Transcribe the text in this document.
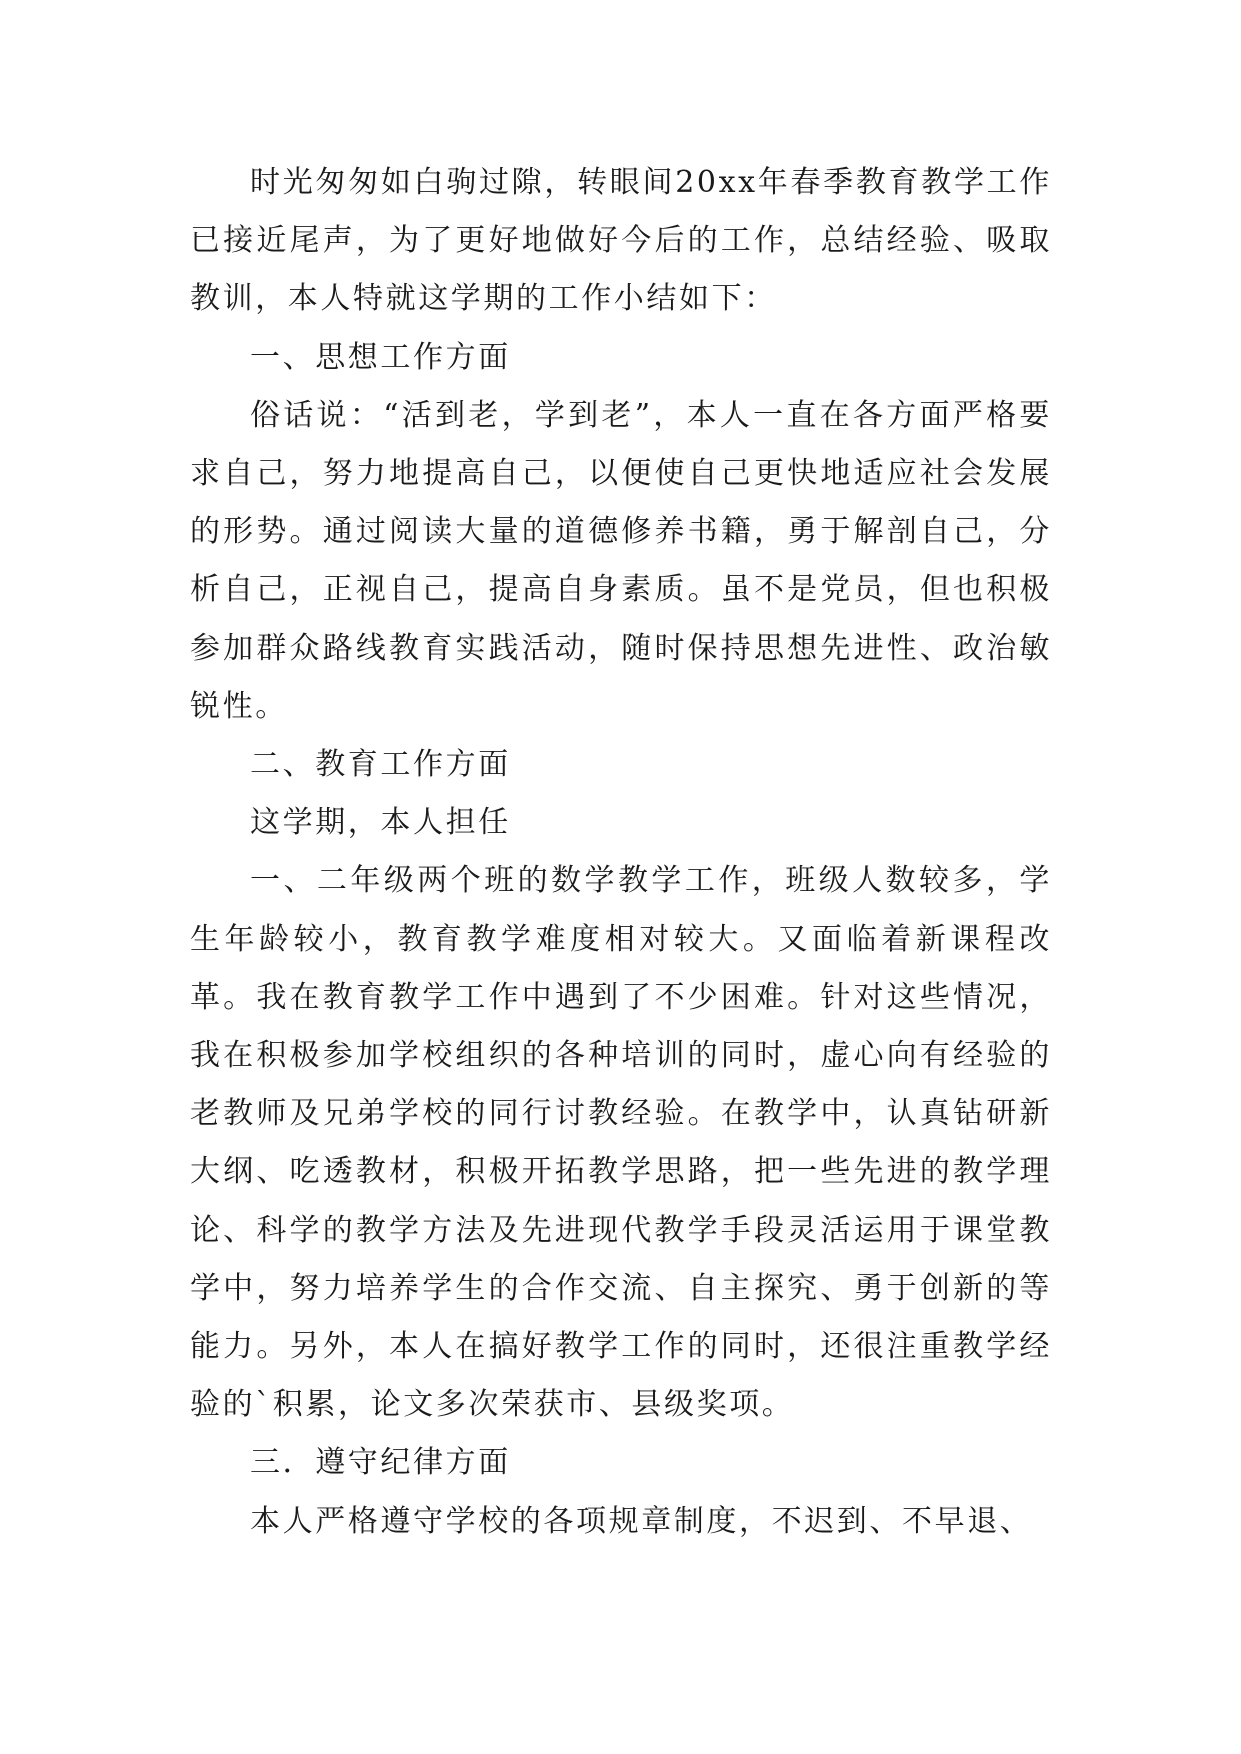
时光匆匆如白驹过隙，转眼间20xx年春季教育教学工作已接近尾声，为了更好地做好今后的工作，总结经验、吸取教训，本人特就这学期的工作小结如下：

一、思想工作方面

俗话说：“活到老，学到老”，本人一直在各方面严格要求自己，努力地提高自己，以便使自己更快地适应社会发展的形势。通过阅读大量的道德修养书籍，勇于解剖自己，分析自己，正视自己，提高自身素质。虽不是党员，但也积极参加群众路线教育实践活动，随时保持思想先进性、政治敏锐性。

二、教育工作方面

这学期，本人担任

一、二年级两个班的数学教学工作，班级人数较多，学生年龄较小，教育教学难度相对较大。又面临着新课程改革。我在教育教学工作中遇到了不少困难。针对这些情况，我在积极参加学校组织的各种培训的同时，虚心向有经验的老教师及兄弟学校的同行讨教经验。在教学中，认真钻研新大纲、吃透教材，积极开拓教学思路，把一些先进的教学理论、科学的教学方法及先进现代教学手段灵活运用于课堂教学中，努力培养学生的合作交流、自主探究、勇于创新的等能力。另外，本人在搞好教学工作的同时，还很注重教学经验的`积累，论文多次荣获市、县级奖项。

三．遵守纪律方面

本人严格遵守学校的各项规章制度，不迟到、不早退、
